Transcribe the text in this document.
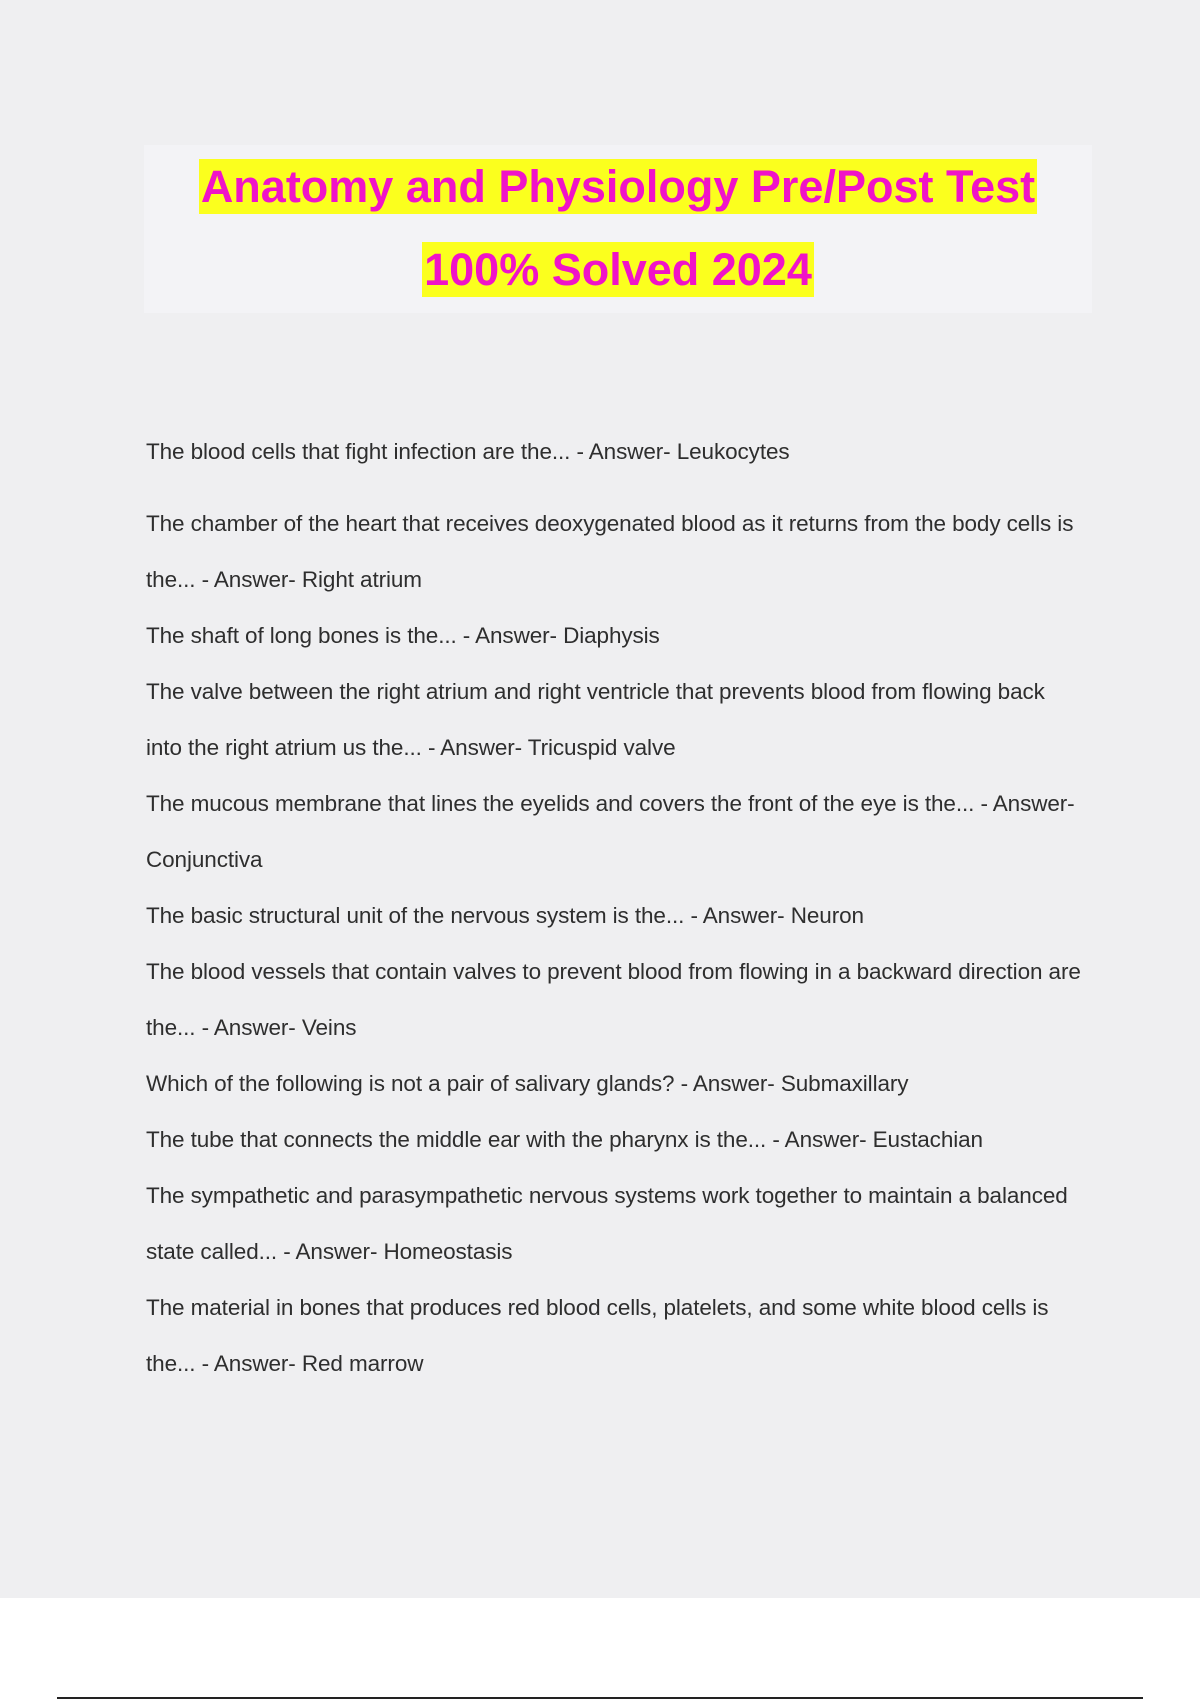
Anatomy and Physiology Pre/Post Test
100% Solved 2024
The blood cells that fight infection are the... - Answer- Leukocytes
The chamber of the heart that receives deoxygenated blood as it returns from the body cells is the... - Answer- Right atrium
The shaft of long bones is the... - Answer- Diaphysis
The valve between the right atrium and right ventricle that prevents blood from flowing back into the right atrium us the... - Answer- Tricuspid valve
The mucous membrane that lines the eyelids and covers the front of the eye is the... - Answer- Conjunctiva
The basic structural unit of the nervous system is the... - Answer- Neuron
The blood vessels that contain valves to prevent blood from flowing in a backward direction are the... - Answer- Veins
Which of the following is not a pair of salivary glands? - Answer- Submaxillary
The tube that connects the middle ear with the pharynx is the... - Answer- Eustachian
The sympathetic and parasympathetic nervous systems work together to maintain a balanced state called... - Answer- Homeostasis
The material in bones that produces red blood cells, platelets, and some white blood cells is the... - Answer- Red marrow
